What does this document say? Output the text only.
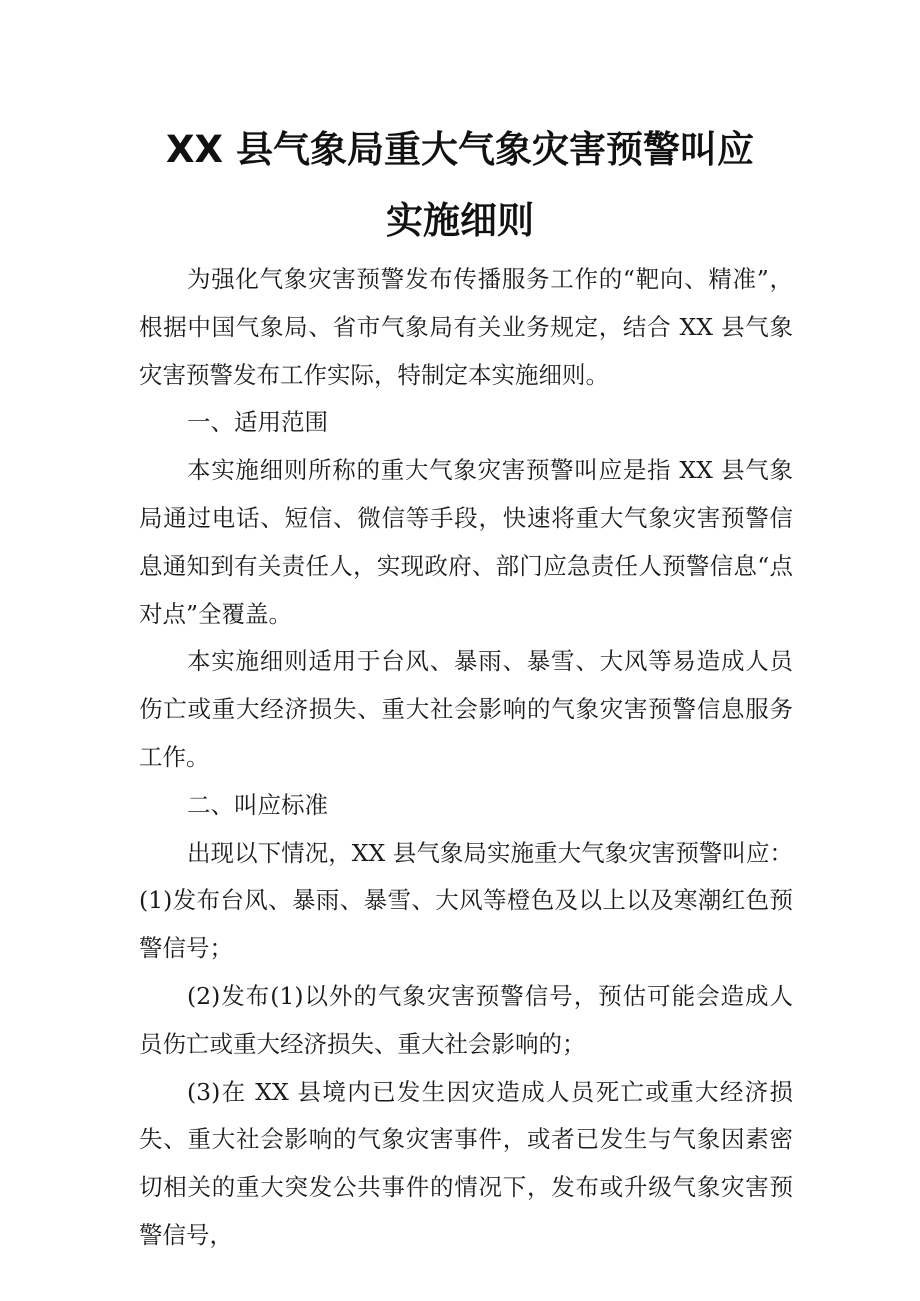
XX 县气象局重大气象灾害预警叫应
实施细则

为强化气象灾害预警发布传播服务工作的“靶向、精准”，根据中国气象局、省市气象局有关业务规定，结合 XX 县气象灾害预警发布工作实际，特制定本实施细则。

一、适用范围

本实施细则所称的重大气象灾害预警叫应是指 XX 县气象局通过电话、短信、微信等手段，快速将重大气象灾害预警信息通知到有关责任人，实现政府、部门应急责任人预警信息“点对点”全覆盖。

本实施细则适用于台风、暴雨、暴雪、大风等易造成人员伤亡或重大经济损失、重大社会影响的气象灾害预警信息服务工作。

二、叫应标准

出现以下情况，XX 县气象局实施重大气象灾害预警叫应：(1)发布台风、暴雨、暴雪、大风等橙色及以上以及寒潮红色预警信号；

(2)发布(1)以外的气象灾害预警信号，预估可能会造成人员伤亡或重大经济损失、重大社会影响的；

(3)在 XX 县境内已发生因灾造成人员死亡或重大经济损失、重大社会影响的气象灾害事件，或者已发生与气象因素密切相关的重大突发公共事件的情况下，发布或升级气象灾害预警信号，
